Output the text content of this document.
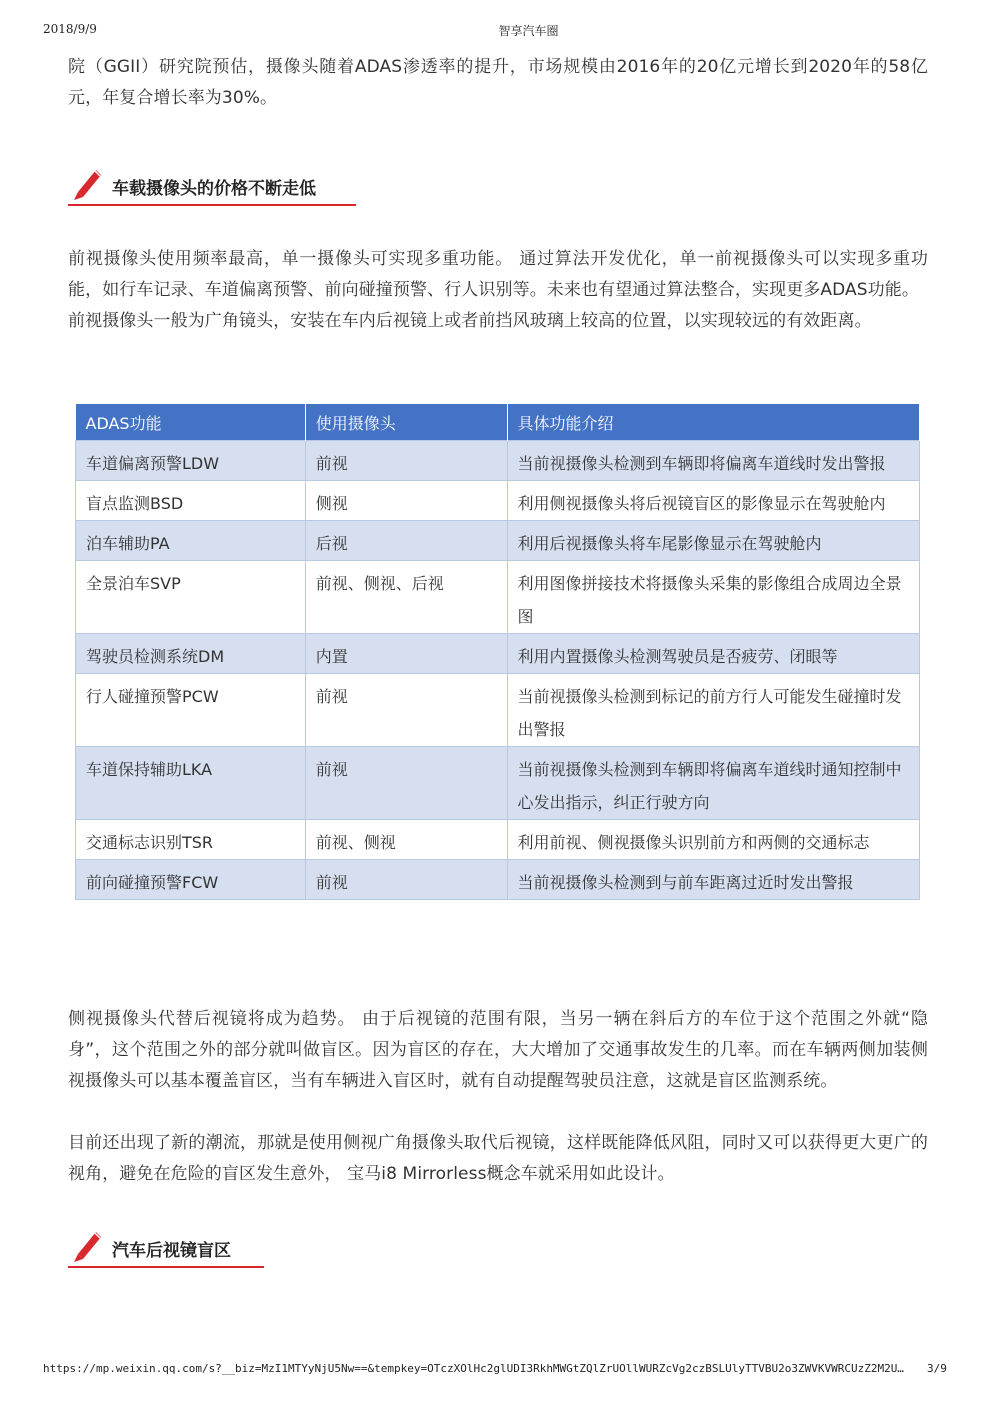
2018/9/9	智享汽车圈

院（GGII）研究院预估，摄像头随着ADAS渗透率的提升，市场规模由2016年的20亿元增长到2020年的58亿元，年复合增长率为30%。

车载摄像头的价格不断走低

前视摄像头使用频率最高，单一摄像头可实现多重功能。 通过算法开发优化，单一前视摄像头可以实现多重功能，如行车记录、车道偏离预警、前向碰撞预警、行人识别等。未来也有望通过算法整合，实现更多ADAS功能。

前视摄像头一般为广角镜头，安装在车内后视镜上或者前挡风玻璃上较高的位置，以实现较远的有效距离。

ADAS功能	使用摄像头	具体功能介绍
车道偏离预警LDW	前视	当前视摄像头检测到车辆即将偏离车道线时发出警报
盲点监测BSD	侧视	利用侧视摄像头将后视镜盲区的影像显示在驾驶舱内
泊车辅助PA	后视	利用后视摄像头将车尾影像显示在驾驶舱内
全景泊车SVP	前视、侧视、后视	利用图像拼接技术将摄像头采集的影像组合成周边全景图
驾驶员检测系统DM	内置	利用内置摄像头检测驾驶员是否疲劳、闭眼等
行人碰撞预警PCW	前视	当前视摄像头检测到标记的前方行人可能发生碰撞时发出警报
车道保持辅助LKA	前视	当前视摄像头检测到车辆即将偏离车道线时通知控制中心发出指示，纠正行驶方向
交通标志识别TSR	前视、侧视	利用前视、侧视摄像头识别前方和两侧的交通标志
前向碰撞预警FCW	前视	当前视摄像头检测到与前车距离过近时发出警报

侧视摄像头代替后视镜将成为趋势。 由于后视镜的范围有限，当另一辆在斜后方的车位于这个范围之外就“隐身”，这个范围之外的部分就叫做盲区。因为盲区的存在，大大增加了交通事故发生的几率。而在车辆两侧加装侧视摄像头可以基本覆盖盲区，当有车辆进入盲区时，就有自动提醒驾驶员注意，这就是盲区监测系统。

目前还出现了新的潮流，那就是使用侧视广角摄像头取代后视镜，这样既能降低风阻，同时又可以获得更大更广的视角，避免在危险的盲区发生意外， 宝马i8 Mirrorless概念车就采用如此设计。

汽车后视镜盲区
https://mp.weixin.qq.com/s?__biz=MzI1MTYyNjU5Nw==&tempkey=OTczXOlHc2glUDI3RkhMWGtZQlZrUOllWURZcVg2czBSLUlyTTVBU2o3ZWVKVWRCUzZ2M2U…	3/9
